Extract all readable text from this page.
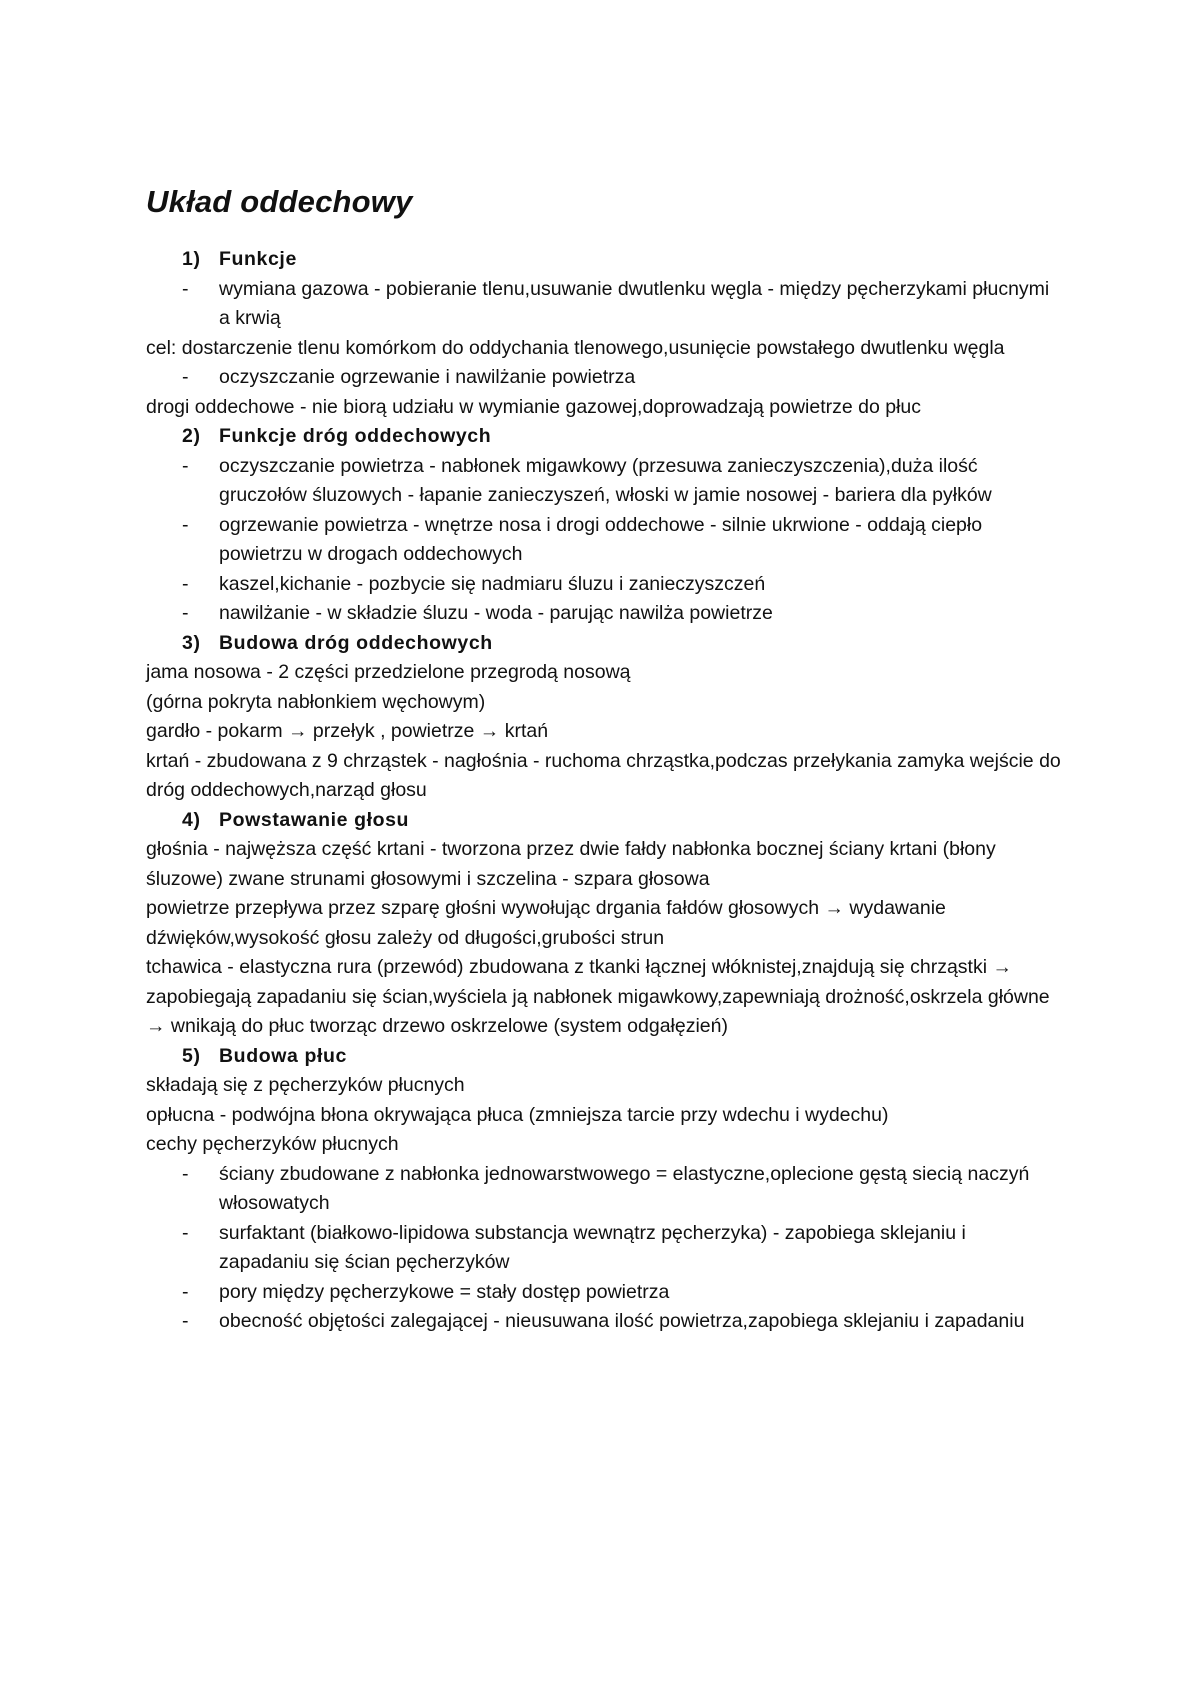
Układ oddechowy
1) Funkcje
-	wymiana gazowa - pobieranie tlenu,usuwanie dwutlenku węgla - między pęcherzykami płucnymi a krwią

cel: dostarczenie tlenu komórkom do oddychania tlenowego,usunięcie powstałego dwutlenku węgla

-	oczyszczanie ogrzewanie i nawilżanie powietrza

drogi oddechowe - nie biorą udziału w wymianie gazowej,doprowadzają powietrze do płuc

2) Funkcje dróg oddechowych
-	oczyszczanie powietrza - nabłonek migawkowy (przesuwa zanieczyszczenia),duża ilość gruczołów śluzowych - łapanie zanieczyszeń, włoski w jamie nosowej - bariera dla pyłków
-	ogrzewanie powietrza - wnętrze nosa i drogi oddechowe - silnie ukrwione - oddają ciepło powietrzu w drogach oddechowych
-	kaszel,kichanie - pozbycie się nadmiaru śluzu i zanieczyszczeń
-	nawilżanie - w składzie śluzu - woda - parując nawilża powietrze
3) Budowa dróg oddechowych

jama nosowa - 2 części przedzielone przegrodą nosową

(górna pokryta nabłonkiem węchowym)

gardło - pokarm → przełyk , powietrze → krtań

krtań - zbudowana z 9 chrząstek - nagłośnia - ruchoma chrząstka,podczas przełykania zamyka wejście do dróg oddechowych,narząd głosu

4) Powstawanie głosu

głośnia - najwęższa część krtani - tworzona przez dwie fałdy nabłonka bocznej ściany krtani (błony śluzowe) zwane strunami głosowymi i szczelina - szpara głosowa

powietrze przepływa przez szparę głośni wywołując drgania fałdów głosowych → wydawanie dźwięków,wysokość głosu zależy od długości,grubości strun

tchawica - elastyczna rura (przewód) zbudowana z tkanki łącznej włóknistej,znajdują się chrząstki → zapobiegają zapadaniu się ścian,wyściela ją nabłonek migawkowy,zapewniają drożność,oskrzela główne → wnikają do płuc tworząc drzewo oskrzelowe (system odgałęzień)

5) Budowa płuc

składają się z pęcherzyków płucnych

opłucna - podwójna błona okrywająca płuca (zmniejsza tarcie przy wdechu i wydechu)

cechy pęcherzyków płucnych

-	ściany zbudowane z nabłonka jednowarstwowego = elastyczne,oplecione gęstą siecią naczyń włosowatych
-	surfaktant (białkowo-lipidowa substancja wewnątrz pęcherzyka) - zapobiega sklejaniu i zapadaniu się ścian pęcherzyków
-	pory między pęcherzykowe = stały dostęp powietrza
-	obecność objętości zalegającej - nieusuwana ilość powietrza,zapobiega sklejaniu i zapadaniu
